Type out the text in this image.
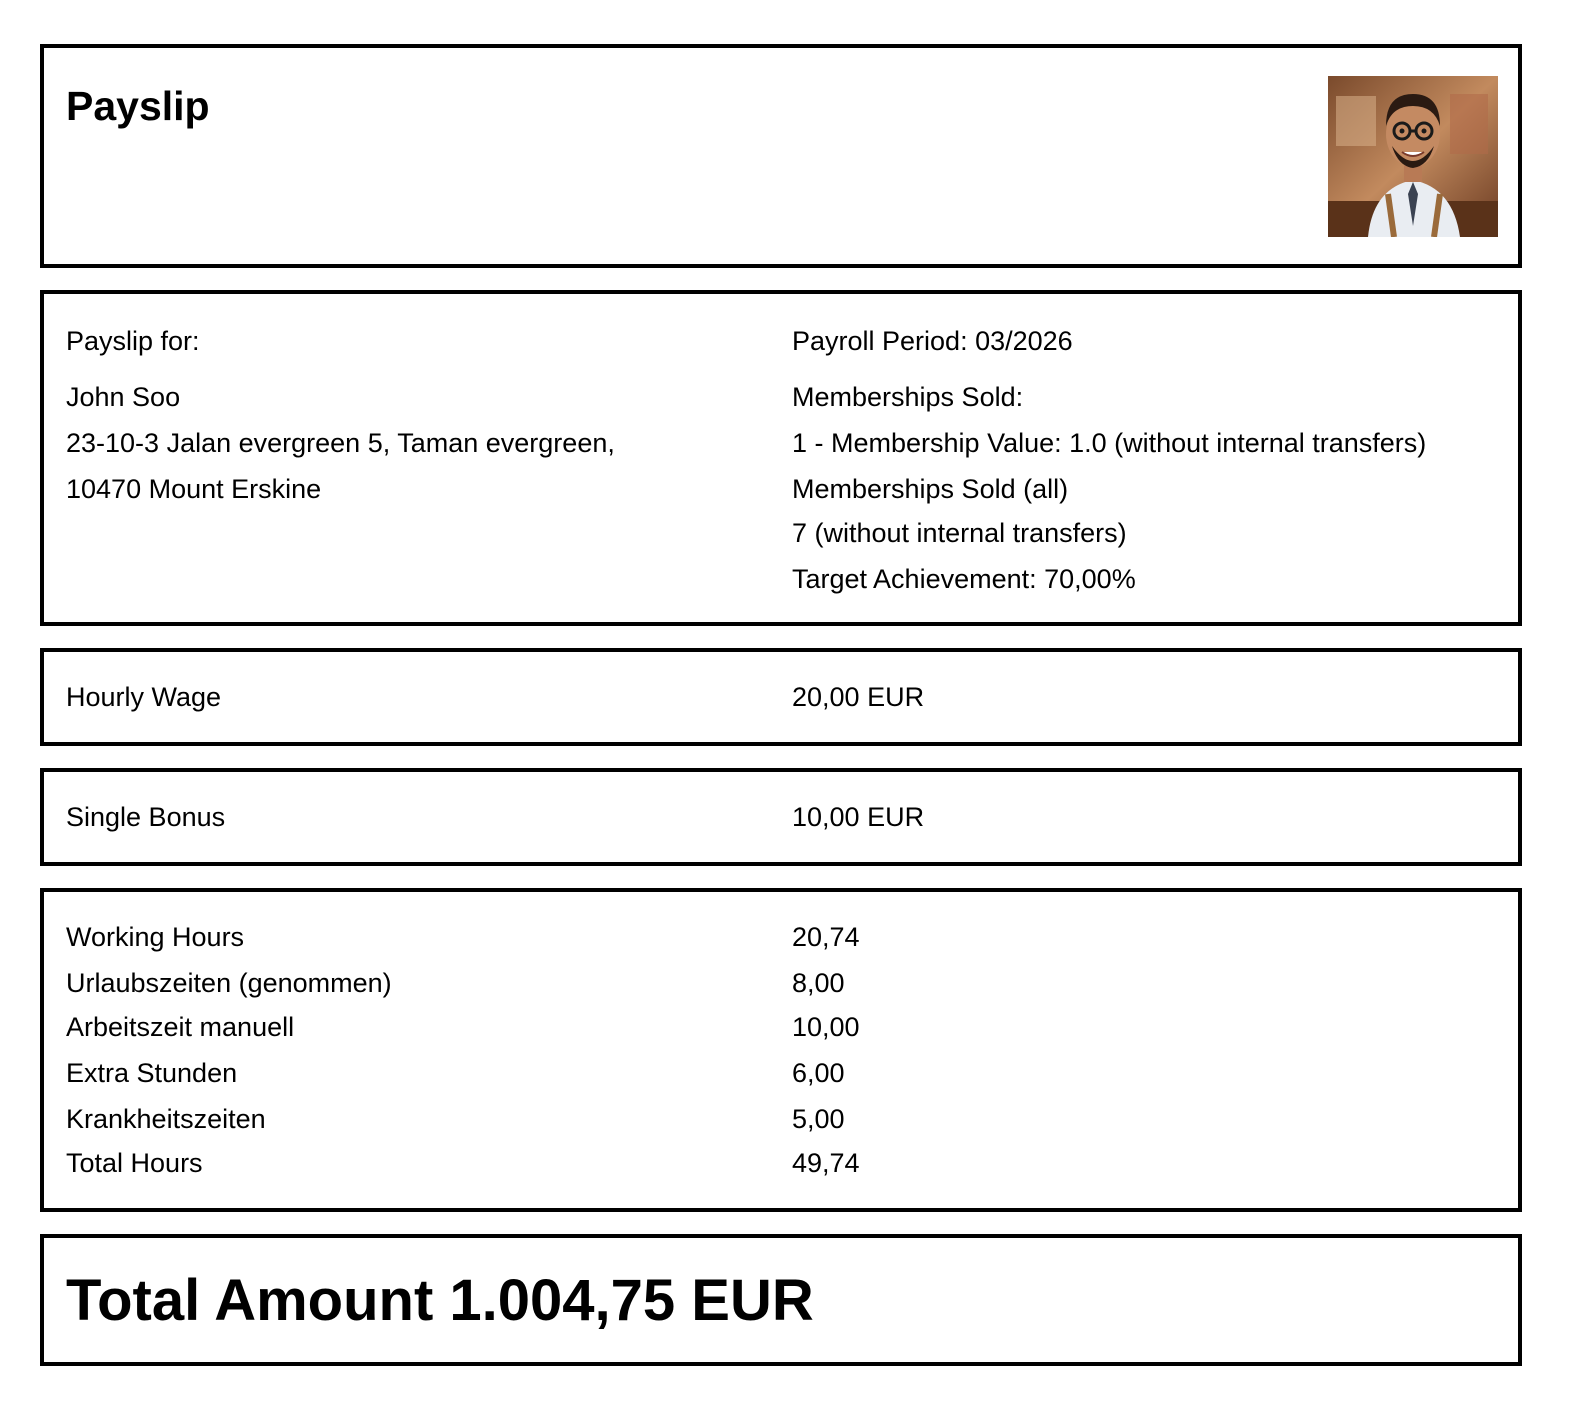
Payslip
Payslip for:
John Soo
23-10-3 Jalan evergreen 5, Taman evergreen,
10470 Mount Erskine
Payroll Period: 03/2026
Memberships Sold:
1 - Membership Value: 1.0 (without internal transfers)
Memberships Sold (all)
7 (without internal transfers)
Target Achievement: 70,00%
Hourly Wage	20,00 EUR
Single Bonus	10,00 EUR
Working Hours	20,74
Urlaubszeiten (genommen)	8,00
Arbeitszeit manuell	10,00
Extra Stunden	6,00
Krankheitszeiten	5,00
Total Hours	49,74
Total Amount 1.004,75 EUR
